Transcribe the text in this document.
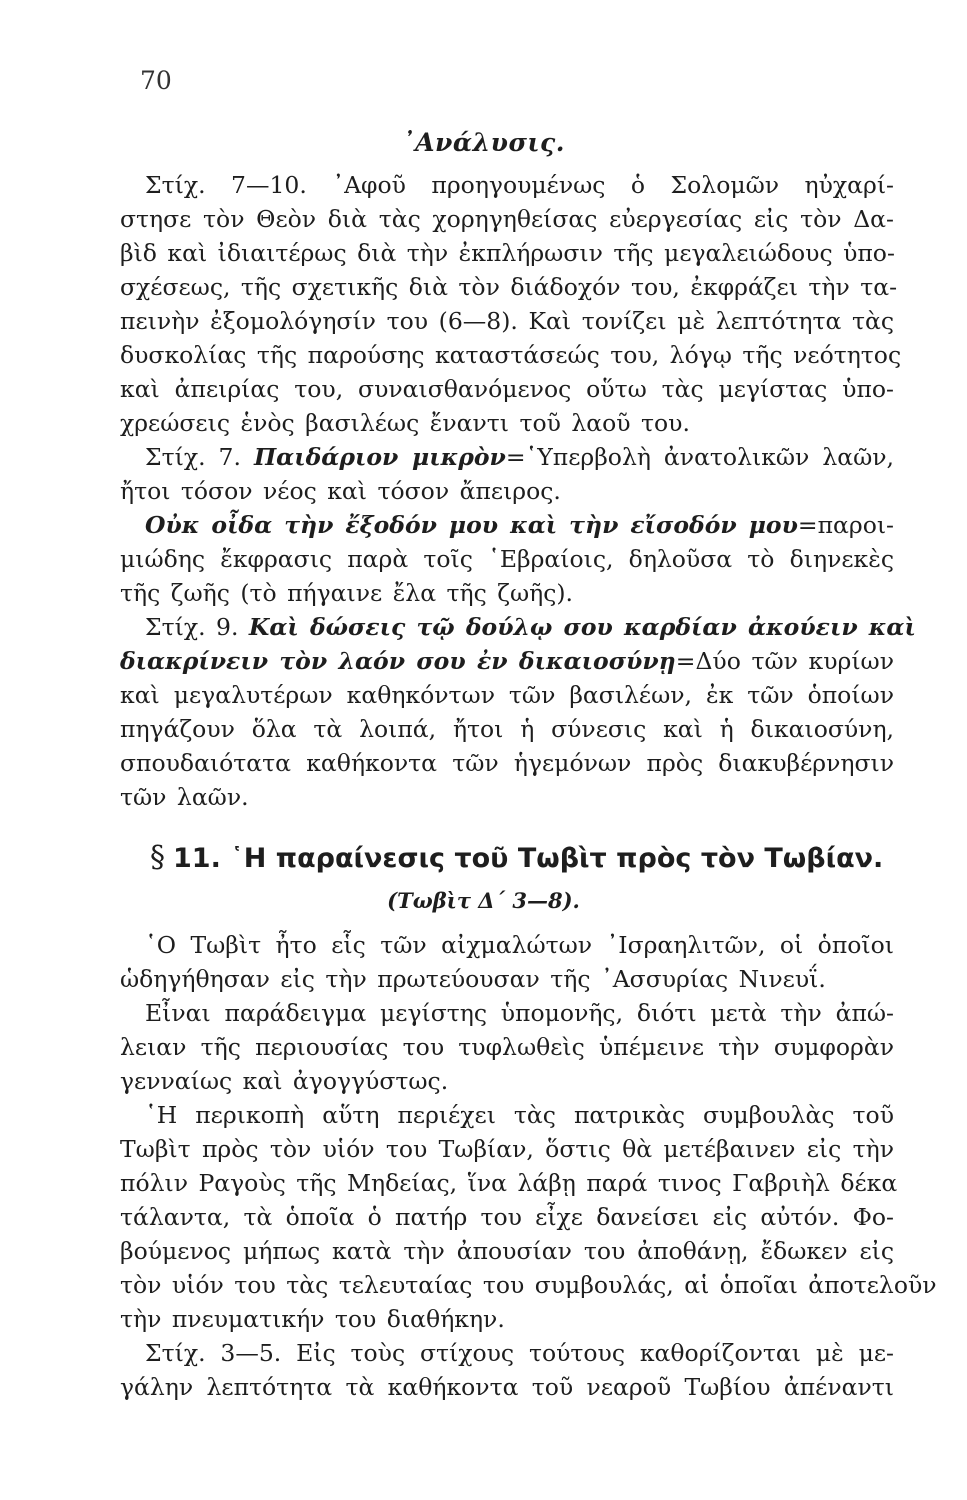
70
᾿Ανάλυσις.
Στίχ. 7—10. ᾿Αφοῦ προηγουμένως ὁ Σολομῶν ηὐχαρί-
στησε τὸν Θεὸν διὰ τὰς χορηγηθείσας εὐεργεσίας εἰς τὸν Δα-
βὶδ καὶ ἰδιαιτέρως διὰ τὴν ἐκπλήρωσιν τῆς μεγαλειώδους ὑπο-
σχέσεως, τῆς σχετικῆς διὰ τὸν διάδοχόν του, ἐκφράζει τὴν τα-
πεινὴν ἐξομολόγησίν του (6—8). Καὶ τονίζει μὲ λεπτότητα τὰς
δυσκολίας τῆς παρούσης καταστάσεώς του, λόγῳ τῆς νεότητος
καὶ ἀπειρίας του, συναισθανόμενος οὕτω τὰς μεγίστας ὑπο-
χρεώσεις ἑνὸς βασιλέως ἔναντι τοῦ λαοῦ του.
Στίχ. 7. Παιδάριον μικρὸν=῾Υπερβολὴ ἀνατολικῶν λαῶν,
ἤτοι τόσον νέος καὶ τόσον ἄπειρος.
Οὐκ οἶδα τὴν ἔξοδόν μου καὶ τὴν εἴσοδόν μου=παροι-
μιώδης ἔκφρασις παρὰ τοῖς ῾Εβραίοις, δηλοῦσα τὸ διηνεκὲς
τῆς ζωῆς (τὸ πήγαινε ἔλα τῆς ζωῆς).
Στίχ. 9. Καὶ δώσεις τῷ δούλῳ σου καρδίαν ἀκούειν καὶ
διακρίνειν τὸν λαόν σου ἐν δικαιοσύνῃ=Δύο τῶν κυρίων
καὶ μεγαλυτέρων καθηκόντων τῶν βασιλέων, ἐκ τῶν ὁποίων
πηγάζουν ὅλα τὰ λοιπά, ἤτοι ἡ σύνεσις καὶ ἡ δικαιοσύνη,
σπουδαιότατα καθήκοντα τῶν ἡγεμόνων πρὸς διακυβέρνησιν
τῶν λαῶν.
§ 11. ῾Η παραίνεσις τοῦ Τωβὶτ πρὸς τὸν Τωβίαν.
(Τωβὶτ Δ΄ 3—8).
῾Ο Τωβὶτ ἦτο εἷς τῶν αἰχμαλώτων ᾿Ισραηλιτῶν, οἱ ὁποῖοι
ὡδηγήθησαν εἰς τὴν πρωτεύουσαν τῆς ᾿Ασσυρίας Νινευΐ.
Εἶναι παράδειγμα μεγίστης ὑπομονῆς, διότι μετὰ τὴν ἀπώ-
λειαν τῆς περιουσίας του τυφλωθεὶς ὑπέμεινε τὴν συμφορὰν
γενναίως καὶ ἀγογγύστως.
῾Η περικοπὴ αὕτη περιέχει τὰς πατρικὰς συμβουλὰς τοῦ
Τωβὶτ πρὸς τὸν υἱόν του Τωβίαν, ὅστις θὰ μετέβαινεν εἰς τὴν
πόλιν Ραγοὺς τῆς Μηδείας, ἵνα λάβῃ παρά τινος Γαβριὴλ δέκα
τάλαντα, τὰ ὁποῖα ὁ πατήρ του εἶχε δανείσει εἰς αὐτόν. Φο-
βούμενος μήπως κατὰ τὴν ἀπουσίαν του ἀποθάνῃ, ἔδωκεν εἰς
τὸν υἱόν του τὰς τελευταίας του συμβουλάς, αἱ ὁποῖαι ἀποτελοῦν
τὴν πνευματικήν του διαθήκην.
Στίχ. 3—5. Εἰς τοὺς στίχους τούτους καθορίζονται μὲ με-
γάλην λεπτότητα τὰ καθήκοντα τοῦ νεαροῦ Τωβίου ἀπέναντι
